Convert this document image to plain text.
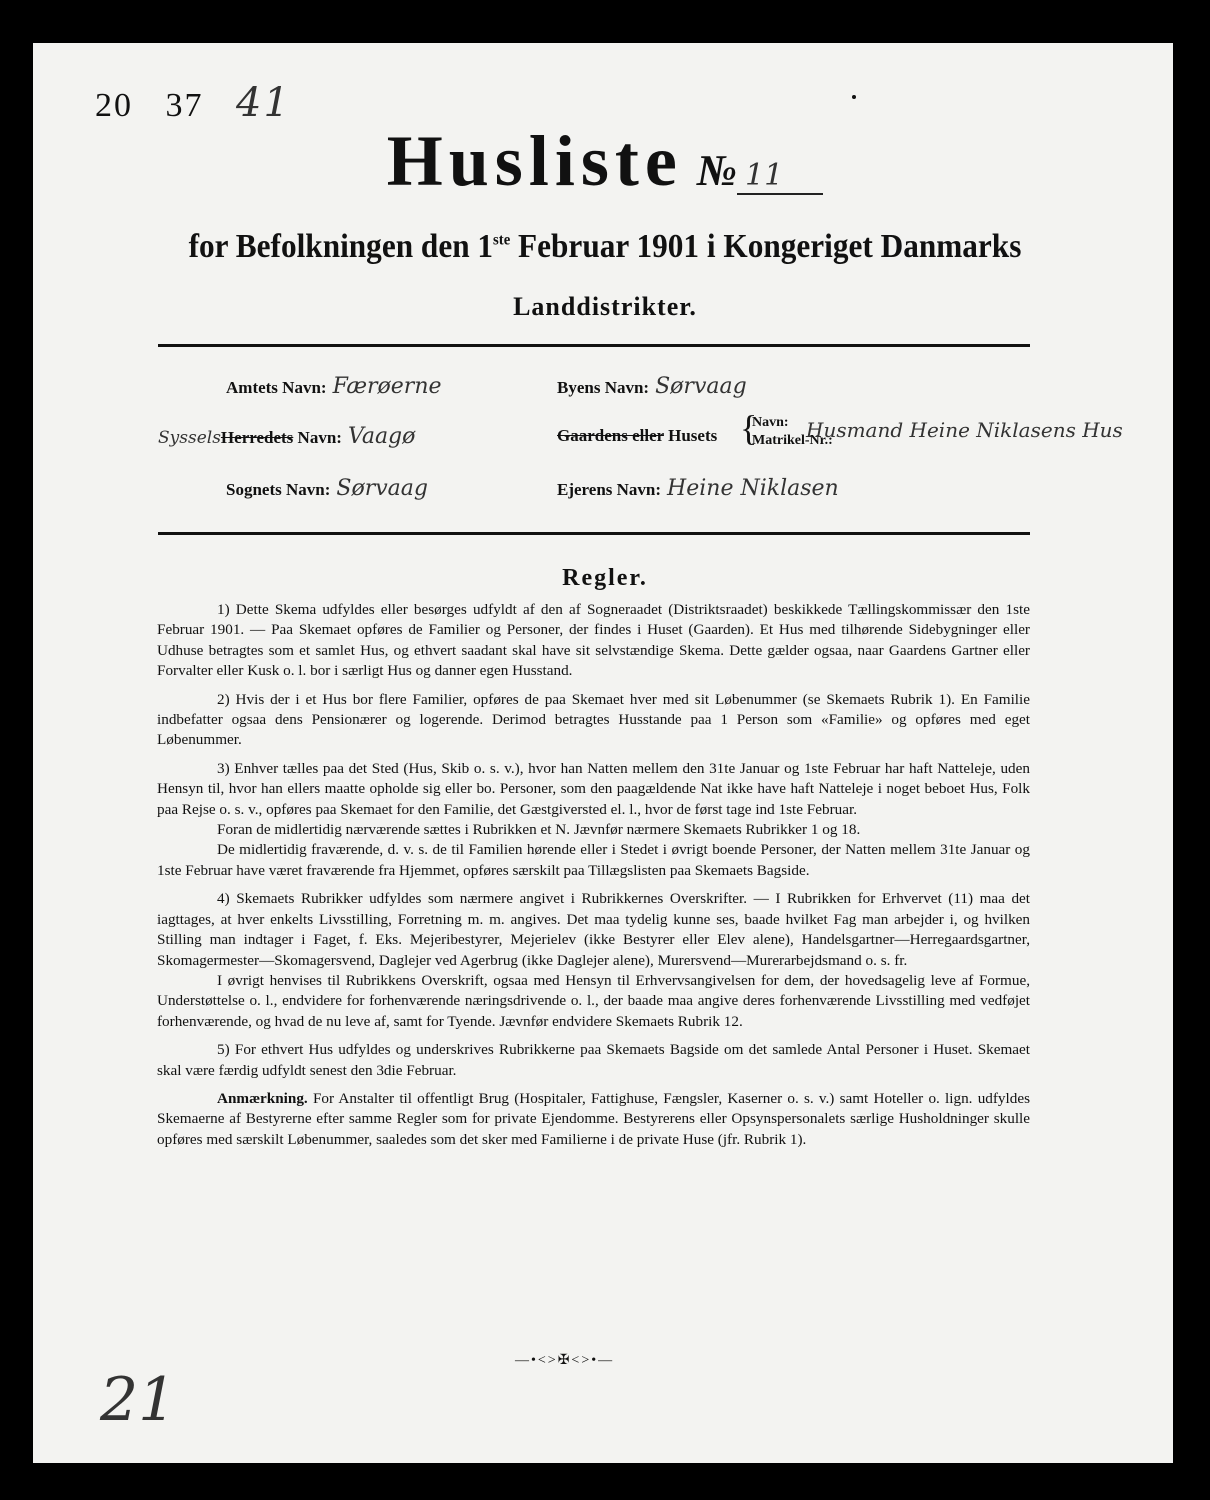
20 37 41
Husliste № 11
for Befolkningen den 1ste Februar 1901 i Kongeriget Danmarks
Landdistrikter.
Amtets Navn: Færøerne
SysselsHerredets Navn: Vaagø
Sognets Navn: Sørvaag
Byens Navn: Sørvaag
Gaardens eller Husets {
Navn:
Matrikel-Nr.:
Husmand Heine Niklasens Hus
Ejerens Navn: Heine Niklasen
Regler.

1) Dette Skema udfyldes eller besørges udfyldt af den af Sogneraadet (Distriktsraadet) beskikkede Tællingskommissær den 1ste Februar 1901. — Paa Skemaet opføres de Familier og Personer, der findes i Huset (Gaarden). Et Hus med tilhørende Sidebygninger eller Udhuse betragtes som et samlet Hus, og ethvert saadant skal have sit selvstændige Skema. Dette gælder ogsaa, naar Gaardens Gartner eller Forvalter eller Kusk o. l. bor i særligt Hus og danner egen Husstand.

2) Hvis der i et Hus bor flere Familier, opføres de paa Skemaet hver med sit Løbenummer (se Skemaets Rubrik 1). En Familie indbefatter ogsaa dens Pensionærer og logerende. Derimod betragtes Husstande paa 1 Person som «Familie» og opføres med eget Løbenummer.

3) Enhver tælles paa det Sted (Hus, Skib o. s. v.), hvor han Natten mellem den 31te Januar og 1ste Februar har haft Natteleje, uden Hensyn til, hvor han ellers maatte opholde sig eller bo. Personer, som den paagældende Nat ikke have haft Natteleje i noget beboet Hus, Folk paa Rejse o. s. v., opføres paa Skemaet for den Familie, det Gæstgiversted el. l., hvor de først tage ind 1ste Februar.

Foran de midlertidig nærværende sættes i Rubrikken et N. Jævnfør nærmere Skemaets Rubrikker 1 og 18.

De midlertidig fraværende, d. v. s. de til Familien hørende eller i Stedet i øvrigt boende Personer, der Natten mellem 31te Januar og 1ste Februar have været fraværende fra Hjemmet, opføres særskilt paa Tillægslisten paa Skemaets Bagside.

4) Skemaets Rubrikker udfyldes som nærmere angivet i Rubrikkernes Overskrifter. — I Rubrikken for Erhvervet (11) maa det iagttages, at hver enkelts Livsstilling, Forretning m. m. angives. Det maa tydelig kunne ses, baade hvilket Fag man arbejder i, og hvilken Stilling man indtager i Faget, f. Eks. Mejeribestyrer, Mejerielev (ikke Bestyrer eller Elev alene), Handelsgartner—Herregaardsgartner, Skomagermester—Skomagersvend, Daglejer ved Agerbrug (ikke Daglejer alene), Murersvend—Murerarbejdsmand o. s. fr.

I øvrigt henvises til Rubrikkens Overskrift, ogsaa med Hensyn til Erhvervsangivelsen for dem, der hovedsagelig leve af Formue, Understøttelse o. l., endvidere for forhenværende næringsdrivende o. l., der baade maa angive deres forhenværende Livsstilling med vedføjet forhenværende, og hvad de nu leve af, samt for Tyende. Jævnfør endvidere Skemaets Rubrik 12.

5) For ethvert Hus udfyldes og underskrives Rubrikkerne paa Skemaets Bagside om det samlede Antal Personer i Huset. Skemaet skal være færdig udfyldt senest den 3die Februar.

Anmærkning. For Anstalter til offentligt Brug (Hospitaler, Fattighuse, Fængsler, Kaserner o. s. v.) samt Hoteller o. lign. udfyldes Skemaerne af Bestyrerne efter samme Regler som for private Ejendomme. Bestyrerens eller Opsynspersonalets særlige Husholdninger skulle opføres med særskilt Løbenummer, saaledes som det sker med Familierne i de private Huse (jfr. Rubrik 1).

—•<>✠<>•—
21
